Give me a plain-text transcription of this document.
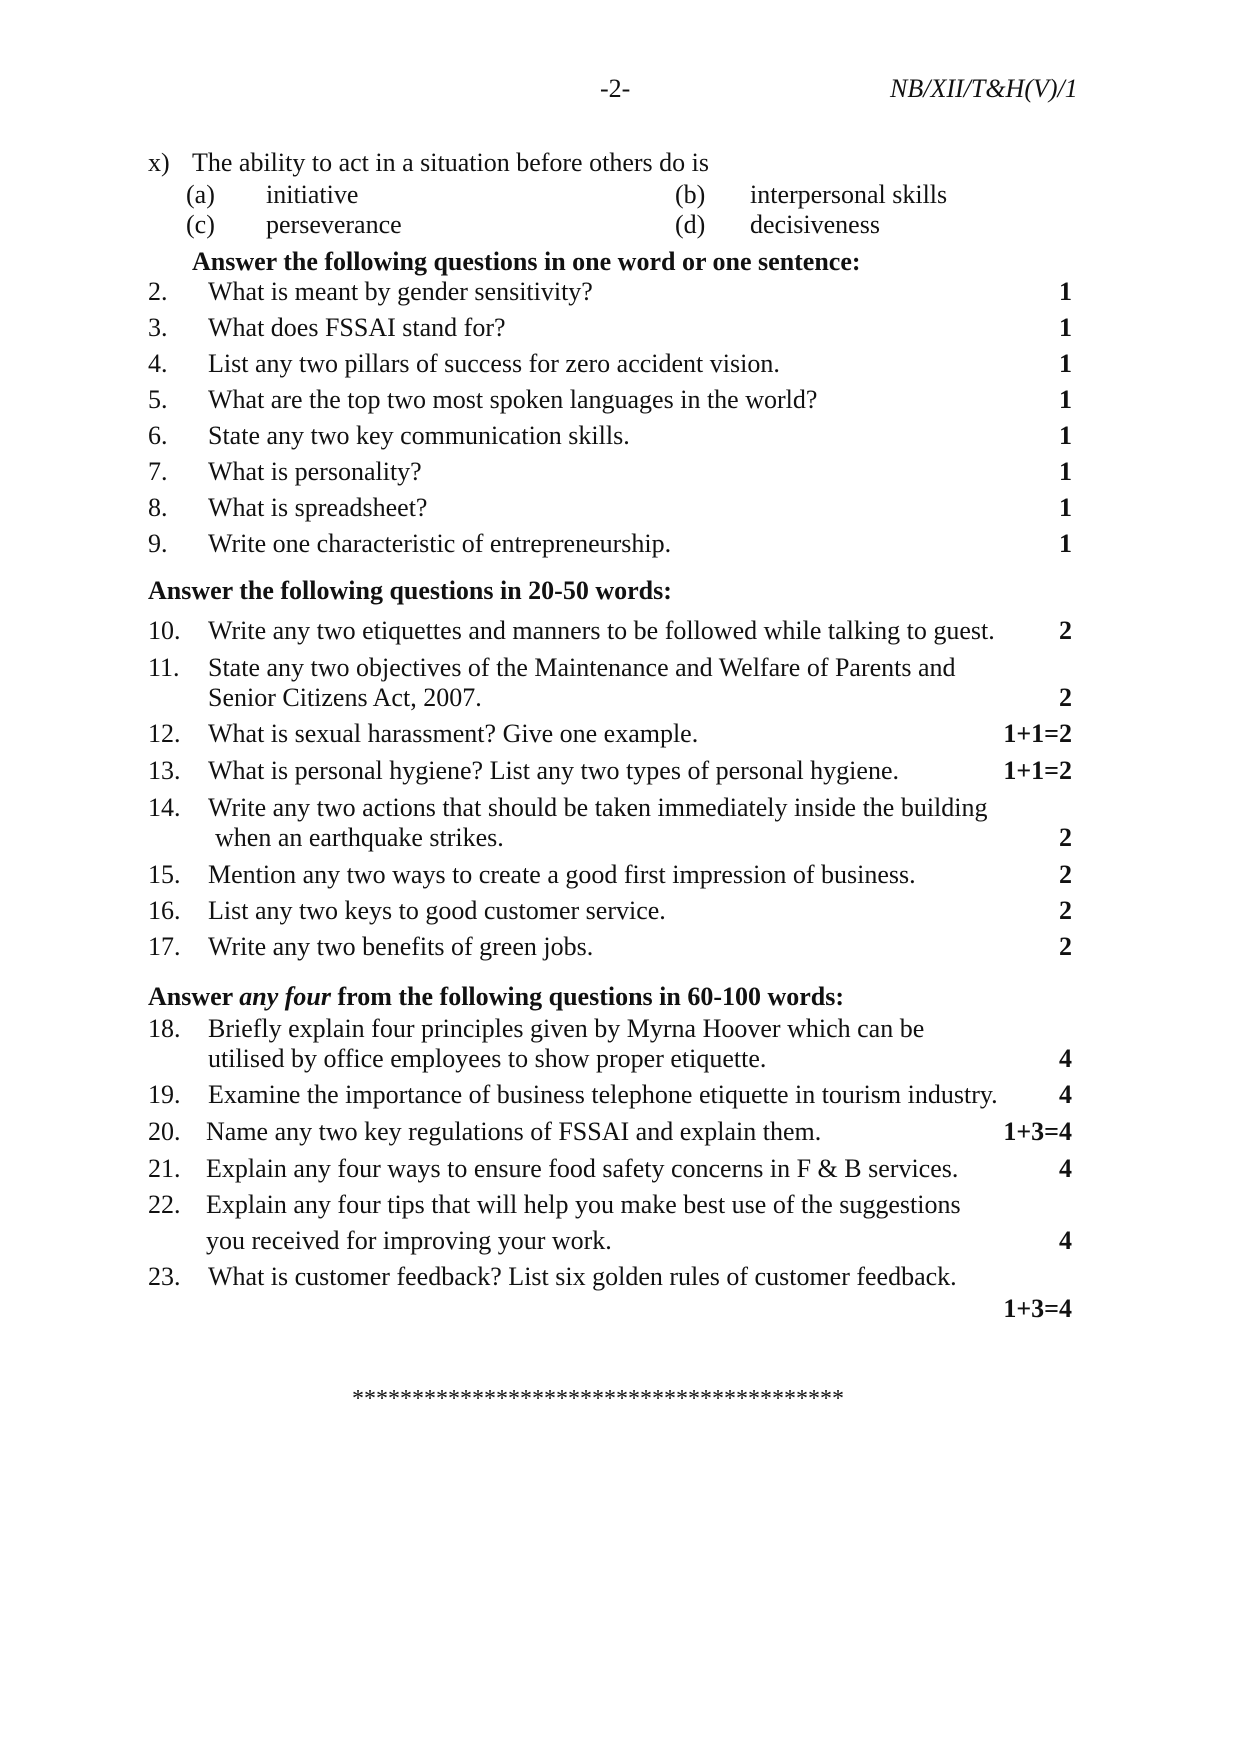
-2-	NB/XII/T&H(V)/1
x) The ability to act in a situation before others do is
(a) initiative	(b) interpersonal skills
(c) perseverance	(d) decisiveness
Answer the following questions in one word or one sentence:
2.	What is meant by gender sensitivity?	1
3.	What does FSSAI stand for?	1
4.	List any two pillars of success for zero accident vision.	1
5.	What are the top two most spoken languages in the world?	1
6.	State any two key communication skills.	1
7.	What is personality?	1
8.	What is spreadsheet?	1
9.	Write one characteristic of entrepreneurship.	1
Answer the following questions in 20-50 words:
10.	Write any two etiquettes and manners to be followed while talking to guest. 2
11.	State any two objectives of the Maintenance and Welfare of Parents and
Senior Citizens Act, 2007.	2
12.	What is sexual harassment? Give one example.	1+1=2
13.	What is personal hygiene? List any two types of personal hygiene.	1+1=2
14.	Write any two actions that should be taken immediately inside the building
when an earthquake strikes.	2
15.	Mention any two ways to create a good first impression of business.	2
16.	List any two keys to good customer service.	2
17.	Write any two benefits of green jobs.	2
Answer any four from the following questions in 60-100 words:
18.	Briefly explain four principles given by Myrna Hoover which can be
utilised by office employees to show proper etiquette.	4
19.	Examine the importance of business telephone etiquette in tourism industry. 4
20. Name any two key regulations of FSSAI and explain them.	1+3=4
21. Explain any four ways to ensure food safety concerns in F & B services.	4
22. Explain any four tips that will help you make best use of the suggestions
you received for improving your work.	4
23.	What is customer feedback? List six golden rules of customer feedback.
1+3=4
*****************************************
